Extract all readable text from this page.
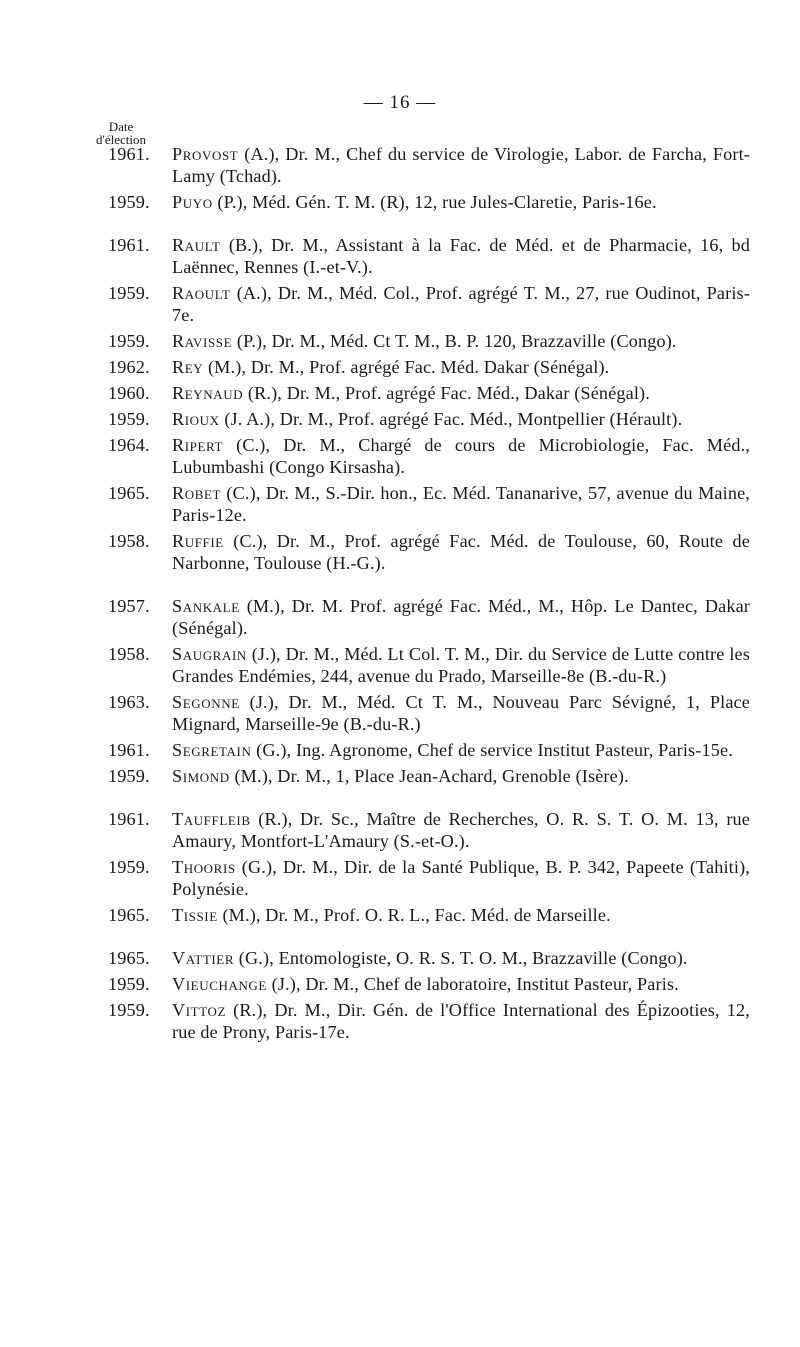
— 16 —
Date
d'élection
1961. Provost (A.), Dr. M., Chef du service de Virologie, Labor. de Farcha, Fort-Lamy (Tchad).
1959. Puyo (P.), Méd. Gén. T. M. (R), 12, rue Jules-Claretie, Paris-16e.
1961. Rault (B.), Dr. M., Assistant à la Fac. de Méd. et de Pharmacie, 16, bd Laënnec, Rennes (I.-et-V.).
1959. Raoult (A.), Dr. M., Méd. Col., Prof. agrégé T. M., 27, rue Oudinot, Paris-7e.
1959. Ravisse (P.), Dr. M., Méd. Ct T. M., B. P. 120, Brazzaville (Congo).
1962. Rey (M.), Dr. M., Prof. agrégé Fac. Méd. Dakar (Sénégal).
1960. Reynaud (R.), Dr. M., Prof. agrégé Fac. Méd., Dakar (Sénégal).
1959. Rioux (J. A.), Dr. M., Prof. agrégé Fac. Méd., Montpellier (Hérault).
1964. Ripert (C.), Dr. M., Chargé de cours de Microbiologie, Fac. Méd., Lubumbashi (Congo Kirsasha).
1965. Robet (C.), Dr. M., S.-Dir. hon., Ec. Méd. Tananarive, 57, avenue du Maine, Paris-12e.
1958. Ruffie (C.), Dr. M., Prof. agrégé Fac. Méd. de Toulouse, 60, Route de Narbonne, Toulouse (H.-G.).
1957. Sankale (M.), Dr. M. Prof. agrégé Fac. Méd., M., Hôp. Le Dantec, Dakar (Sénégal).
1958. Saugrain (J.), Dr. M., Méd. Lt Col. T. M., Dir. du Service de Lutte contre les Grandes Endémies, 244, avenue du Prado, Marseille-8e (B.-du-R.)
1963. Segonne (J.), Dr. M., Méd. Ct T. M., Nouveau Parc Sévigné, 1, Place Mignard, Marseille-9e (B.-du-R.)
1961. Segretain (G.), Ing. Agronome, Chef de service Institut Pasteur, Paris-15e.
1959. Simond (M.), Dr. M., 1, Place Jean-Achard, Grenoble (Isère).
1961. Tauffleib (R.), Dr. Sc., Maître de Recherches, O. R. S. T. O. M. 13, rue Amaury, Montfort-L'Amaury (S.-et-O.).
1959. Thooris (G.), Dr. M., Dir. de la Santé Publique, B. P. 342, Papeete (Tahiti), Polynésie.
1965. Tissie (M.), Dr. M., Prof. O. R. L., Fac. Méd. de Marseille.
1965. Vattier (G.), Entomologiste, O. R. S. T. O. M., Brazzaville (Congo).
1959. Vieuchange (J.), Dr. M., Chef de laboratoire, Institut Pasteur, Paris.
1959. Vittoz (R.), Dr. M., Dir. Gén. de l'Office International des Épizooties, 12, rue de Prony, Paris-17e.
